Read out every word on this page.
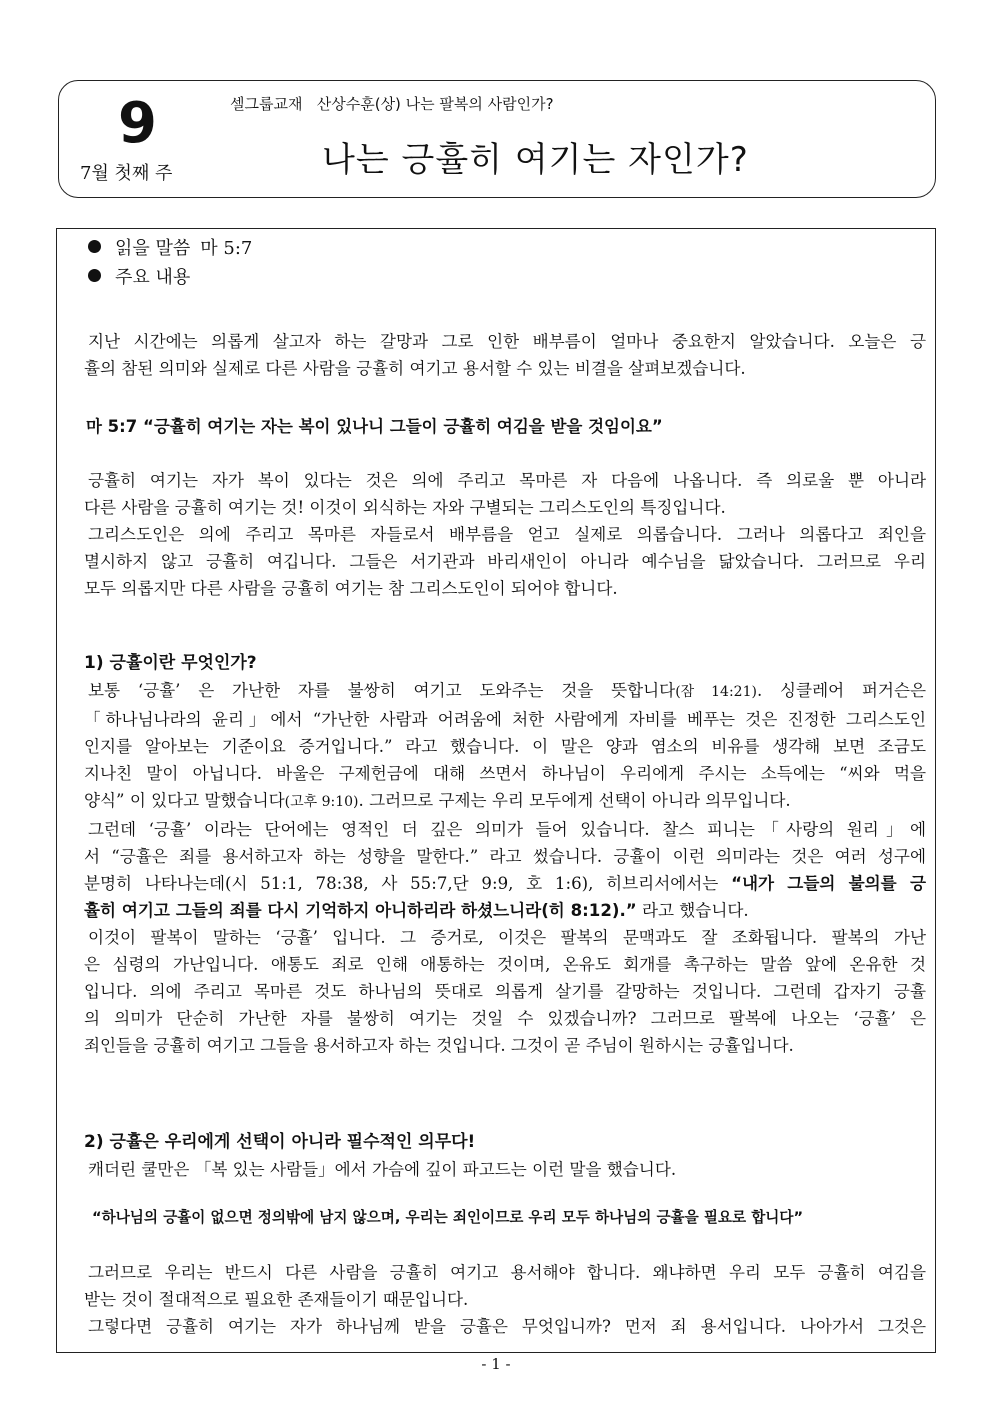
9
7월 첫째 주
셀그룹교재   산상수훈(상) 나는 팔복의 사람인가?
나는 긍휼히 여기는 자인가?
읽을 말씀 마 5:7
주요 내용
지난 시간에는 의롭게 살고자 하는 갈망과 그로 인한 배부름이 얼마나 중요한지 알았습니다. 오늘은 긍
휼의 참된 의미와 실제로 다른 사람을 긍휼히 여기고 용서할 수 있는 비결을 살펴보겠습니다.
마 5:7 “긍휼히 여기는 자는 복이 있나니 그들이 긍휼히 여김을 받을 것임이요”
긍휼히 여기는 자가 복이 있다는 것은 의에 주리고 목마른 자 다음에 나옵니다. 즉 의로울 뿐 아니라
다른 사람을 긍휼히 여기는 것! 이것이 외식하는 자와 구별되는 그리스도인의 특징입니다.
그리스도인은 의에 주리고 목마른 자들로서 배부름을 얻고 실제로 의롭습니다. 그러나 의롭다고 죄인을
멸시하지 않고 긍휼히 여깁니다. 그들은 서기관과 바리새인이 아니라 예수님을 닮았습니다. 그러므로 우리
모두 의롭지만 다른 사람을 긍휼히 여기는 참 그리스도인이 되어야 합니다.
1) 긍휼이란 무엇인가?
보통 ‘긍휼’ 은 가난한 자를 불쌍히 여기고 도와주는 것을 뜻합니다(잠 14:21). 싱클레어 퍼거슨은
「하나님나라의 윤리」에서 “가난한 사람과 어려움에 처한 사람에게 자비를 베푸는 것은 진정한 그리스도인
인지를 알아보는 기준이요 증거입니다.” 라고 했습니다. 이 말은 양과 염소의 비유를 생각해 보면 조금도
지나친 말이 아닙니다. 바울은 구제헌금에 대해 쓰면서 하나님이 우리에게 주시는 소득에는 “씨와 먹을
양식” 이 있다고 말했습니다(고후 9:10). 그러므로 구제는 우리 모두에게 선택이 아니라 의무입니다.
그런데 ‘긍휼’ 이라는 단어에는 영적인 더 깊은 의미가 들어 있습니다. 찰스 피니는「사랑의 원리」에
서 “긍휼은 죄를 용서하고자 하는 성향을 말한다.” 라고 썼습니다. 긍휼이 이런 의미라는 것은 여러 성구에
분명히 나타나는데(시 51:1, 78:38, 사 55:7,단 9:9, 호 1:6), 히브리서에서는 “내가 그들의 불의를 긍
휼히 여기고 그들의 죄를 다시 기억하지 아니하리라 하셨느니라(히 8:12).” 라고 했습니다.
이것이 팔복이 말하는 ‘긍휼’ 입니다. 그 증거로, 이것은 팔복의 문맥과도 잘 조화됩니다. 팔복의 가난
은 심령의 가난입니다. 애통도 죄로 인해 애통하는 것이며, 온유도 회개를 촉구하는 말씀 앞에 온유한 것
입니다. 의에 주리고 목마른 것도 하나님의 뜻대로 의롭게 살기를 갈망하는 것입니다. 그런데 갑자기 긍휼
의 의미가 단순히 가난한 자를 불쌍히 여기는 것일 수 있겠습니까? 그러므로 팔복에 나오는 ‘긍휼’ 은
죄인들을 긍휼히 여기고 그들을 용서하고자 하는 것입니다. 그것이 곧 주님이 원하시는 긍휼입니다.
2) 긍휼은 우리에게 선택이 아니라 필수적인 의무다!
캐더린 쿨만은 「복 있는 사람들」에서 가슴에 깊이 파고드는 이런 말을 했습니다.
“하나님의 긍휼이 없으면 정의밖에 남지 않으며, 우리는 죄인이므로 우리 모두 하나님의 긍휼을 필요로 합니다”
그러므로 우리는 반드시 다른 사람을 긍휼히 여기고 용서해야 합니다. 왜냐하면 우리 모두 긍휼히 여김을
받는 것이 절대적으로 필요한 존재들이기 때문입니다.
그렇다면 긍휼히 여기는 자가 하나님께 받을 긍휼은 무엇입니까? 먼저 죄 용서입니다. 나아가서 그것은
- 1 -
